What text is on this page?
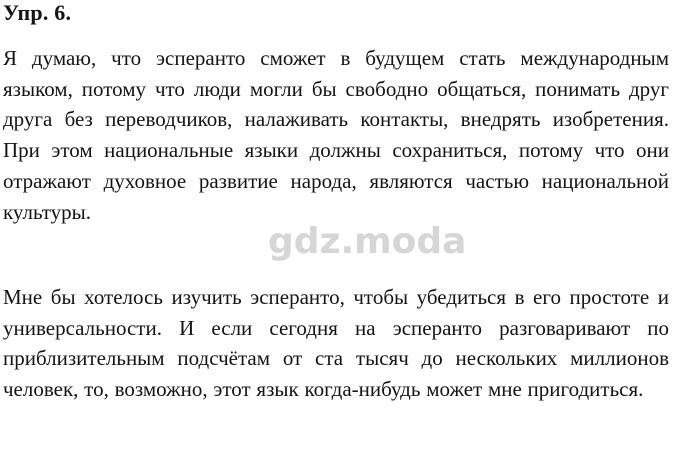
Упр. 6.

Я думаю, что эсперанто сможет в будущем стать международным языком, потому что люди могли бы свободно общаться, понимать друг друга без переводчиков, налаживать контакты, внедрять изобретения. При этом национальные языки должны сохраниться, потому что они отражают духовное развитие народа, являются частью национальной культуры.

Мне бы хотелось изучить эсперанто, чтобы убедиться в его простоте и универсальности. И если сегодня на эсперанто разговаривают по приблизительным подсчётам от ста тысяч до нескольких миллионов человек, то, возможно, этот язык когда-нибудь может мне пригодиться.

gdz.moda
